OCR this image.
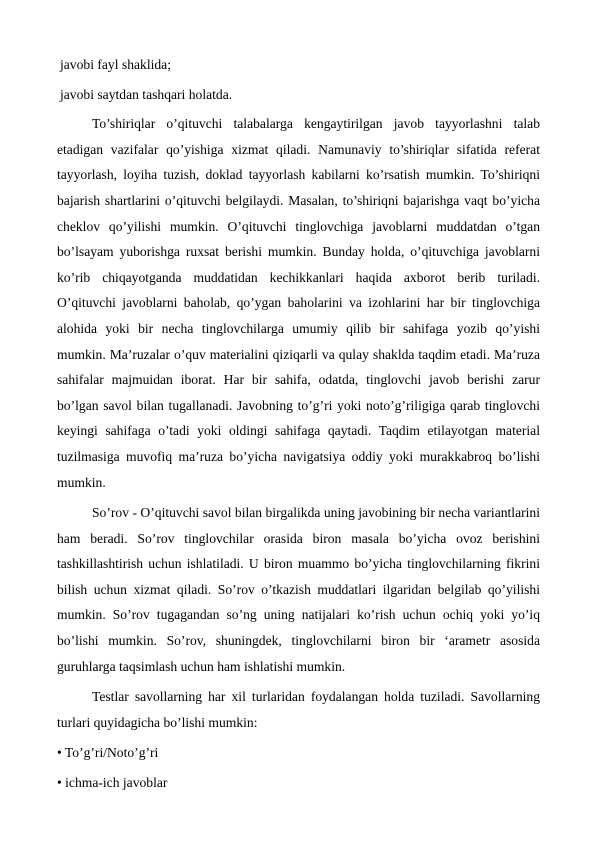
javobi fayl shaklida;

javobi saytdan tashqari holatda.

To’shiriqlar o’qituvchi talabalarga kengaytirilgan javob tayyorlashni talab etadigan vazifalar qo’yishiga xizmat qiladi. Namunaviy to’shiriqlar sifatida referat tayyorlash, loyiha tuzish, doklad tayyorlash kabilarni ko’rsatish mumkin. To’shiriqni bajarish shartlarini o’qituvchi belgilaydi. Masalan, to’shiriqni bajarishga vaqt bo’yicha cheklov qo’yilishi mumkin. O’qituvchi tinglovchiga javoblarni muddatdan o’tgan bo’lsayam yuborishga ruxsat berishi mumkin. Bunday holda, o’qituvchiga javoblarni ko’rib chiqayotganda muddatidan kechikkanlari haqida axborot berib turiladi. O’qituvchi javoblarni baholab, qo’ygan baholarini va izohlarini har bir tinglovchiga alohida yoki bir necha tinglovchilarga umumiy qilib bir sahifaga yozib qo’yishi mumkin. Ma’ruzalar o’quv materialini qiziqarli va qulay shaklda taqdim etadi. Ma’ruza sahifalar majmuidan iborat. Har bir sahifa, odatda, tinglovchi javob berishi zarur bo’lgan savol bilan tugallanadi. Javobning to’g’ri yoki noto’g’riligiga qarab tinglovchi keyingi sahifaga o’tadi yoki oldingi sahifaga qaytadi. Taqdim etilayotgan material tuzilmasiga muvofiq ma’ruza bo’yicha navigatsiya oddiy yoki murakkabroq bo’lishi mumkin.

So’rov - O’qituvchi savol bilan birgalikda uning javobining bir necha variantlarini ham beradi. So’rov tinglovchilar orasida biron masala bo’yicha ovoz berishini tashkillashtirish uchun ishlatiladi. U biron muammo bo’yicha tinglovchilarning fikrini bilish uchun xizmat qiladi. So’rov o’tkazish muddatlari ilgaridan belgilab qo’yilishi mumkin. So’rov tugagandan so’ng uning natijalari ko’rish uchun ochiq yoki yo’iq bo’lishi mumkin. So’rov, shuningdek, tinglovchilarni biron bir ‘arametr asosida guruhlarga taqsimlash uchun ham ishlatishi mumkin.

Testlar savollarning har xil turlaridan foydalangan holda tuziladi. Savollarning turlari quyidagicha bo’lishi mumkin:

• To’g’ri/Noto’g’ri

• ichma-ich javoblar
